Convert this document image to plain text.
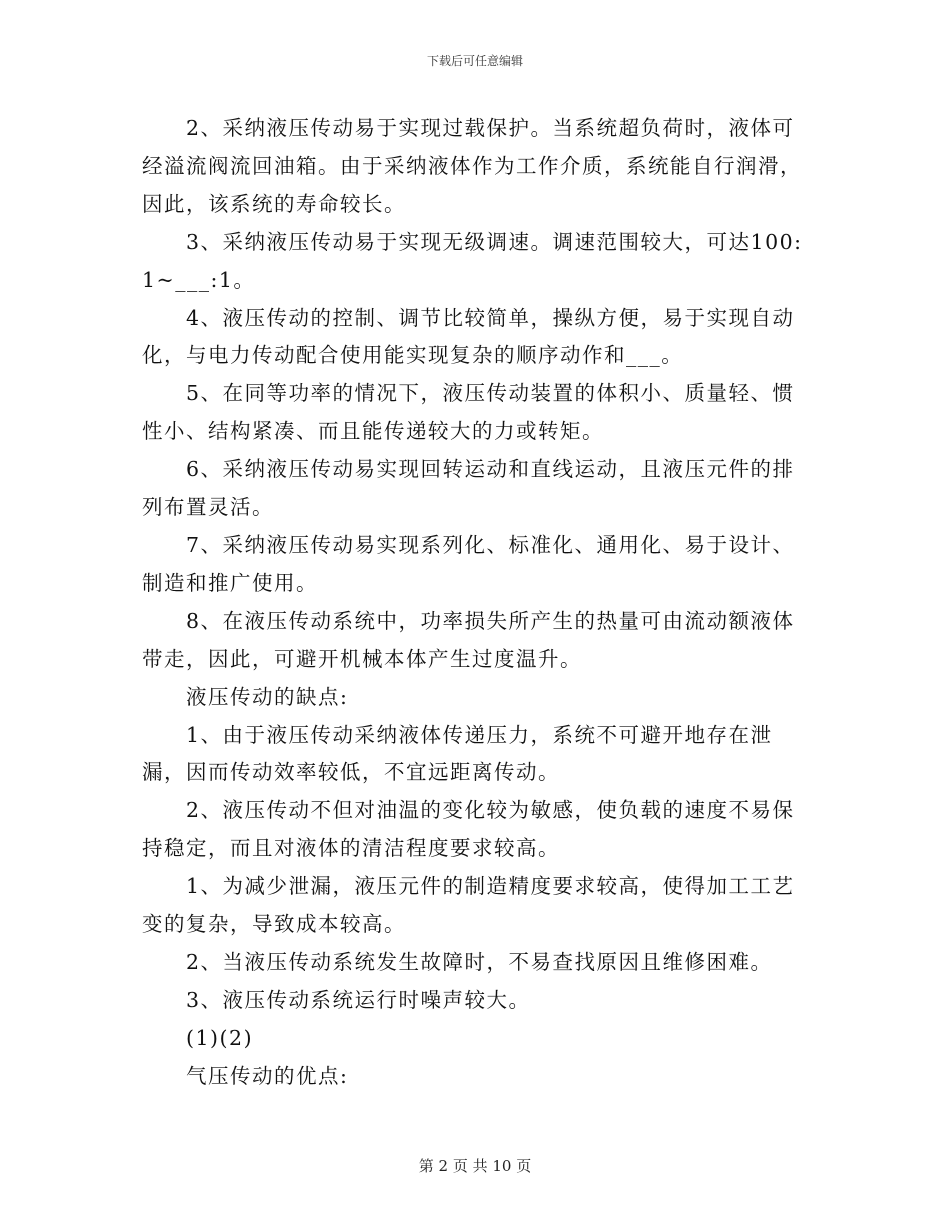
下载后可任意编辑

2、采纳液压传动易于实现过载保护。当系统超负荷时，液体可经溢流阀流回油箱。由于采纳液体作为工作介质，系统能自行润滑，因此，该系统的寿命较长。

3、采纳液压传动易于实现无级调速。调速范围较大，可达100:1~___:1。

4、液压传动的控制、调节比较简单，操纵方便，易于实现自动化，与电力传动配合使用能实现复杂的顺序动作和___。

5、在同等功率的情况下，液压传动装置的体积小、质量轻、惯性小、结构紧凑、而且能传递较大的力或转矩。

6、采纳液压传动易实现回转运动和直线运动，且液压元件的排列布置灵活。

7、采纳液压传动易实现系列化、标准化、通用化、易于设计、制造和推广使用。

8、在液压传动系统中，功率损失所产生的热量可由流动额液体带走，因此，可避开机械本体产生过度温升。

液压传动的缺点:

1、由于液压传动采纳液体传递压力，系统不可避开地存在泄漏，因而传动效率较低，不宜远距离传动。

2、液压传动不但对油温的变化较为敏感，使负载的速度不易保持稳定，而且对液体的清洁程度要求较高。

1、为减少泄漏，液压元件的制造精度要求较高，使得加工工艺变的复杂，导致成本较高。

2、当液压传动系统发生故障时，不易查找原因且维修困难。

3、液压传动系统运行时噪声较大。

(1)(2)

气压传动的优点:

第 2 页 共 10 页
